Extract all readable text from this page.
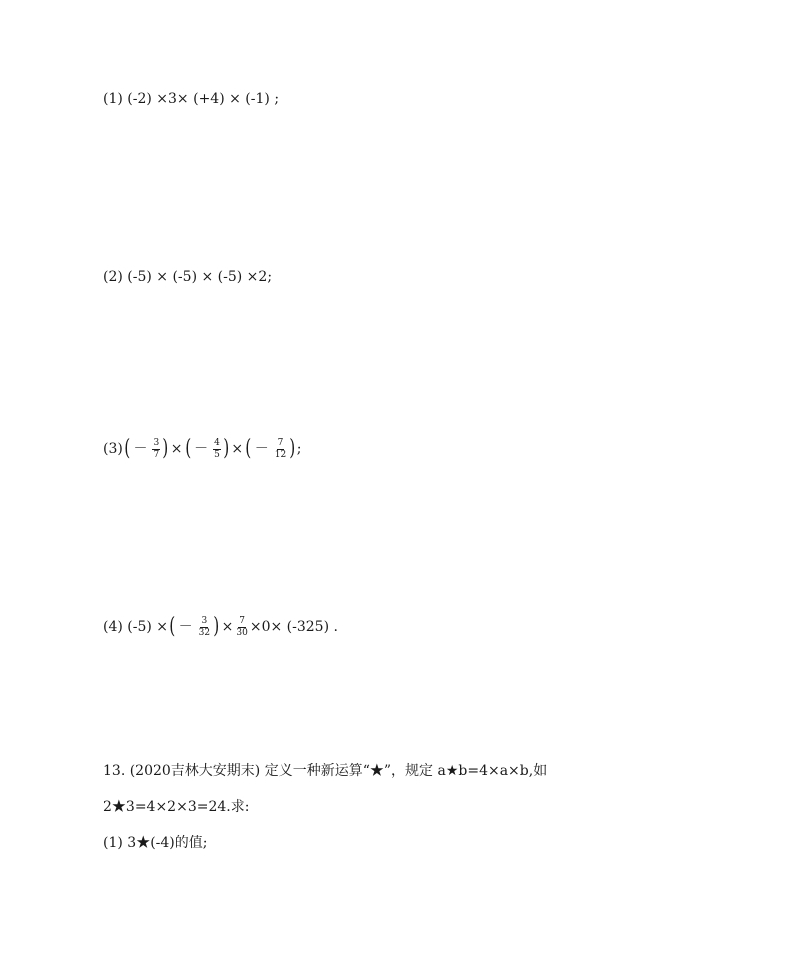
(1) (-2) ×3× (+4) × (-1) ;
(2) (-5) × (-5) × (-5) ×2;
(3) ( － $\frac{3}{7}$ ) × ( － $\frac{4}{5}$ ) × ( － $\frac{7}{12}$ ) ;
(4) (-5) × ( － $\frac{3}{32}$ ) × $\frac{7}{30} \times 0\times (-325)$ .
13. (2020吉林大安期末) 定义一种新运算“★”，规定 a★b=4×a×b,如
2★3=4×2×3=24.求:
(1) 3★(-4)的值;
